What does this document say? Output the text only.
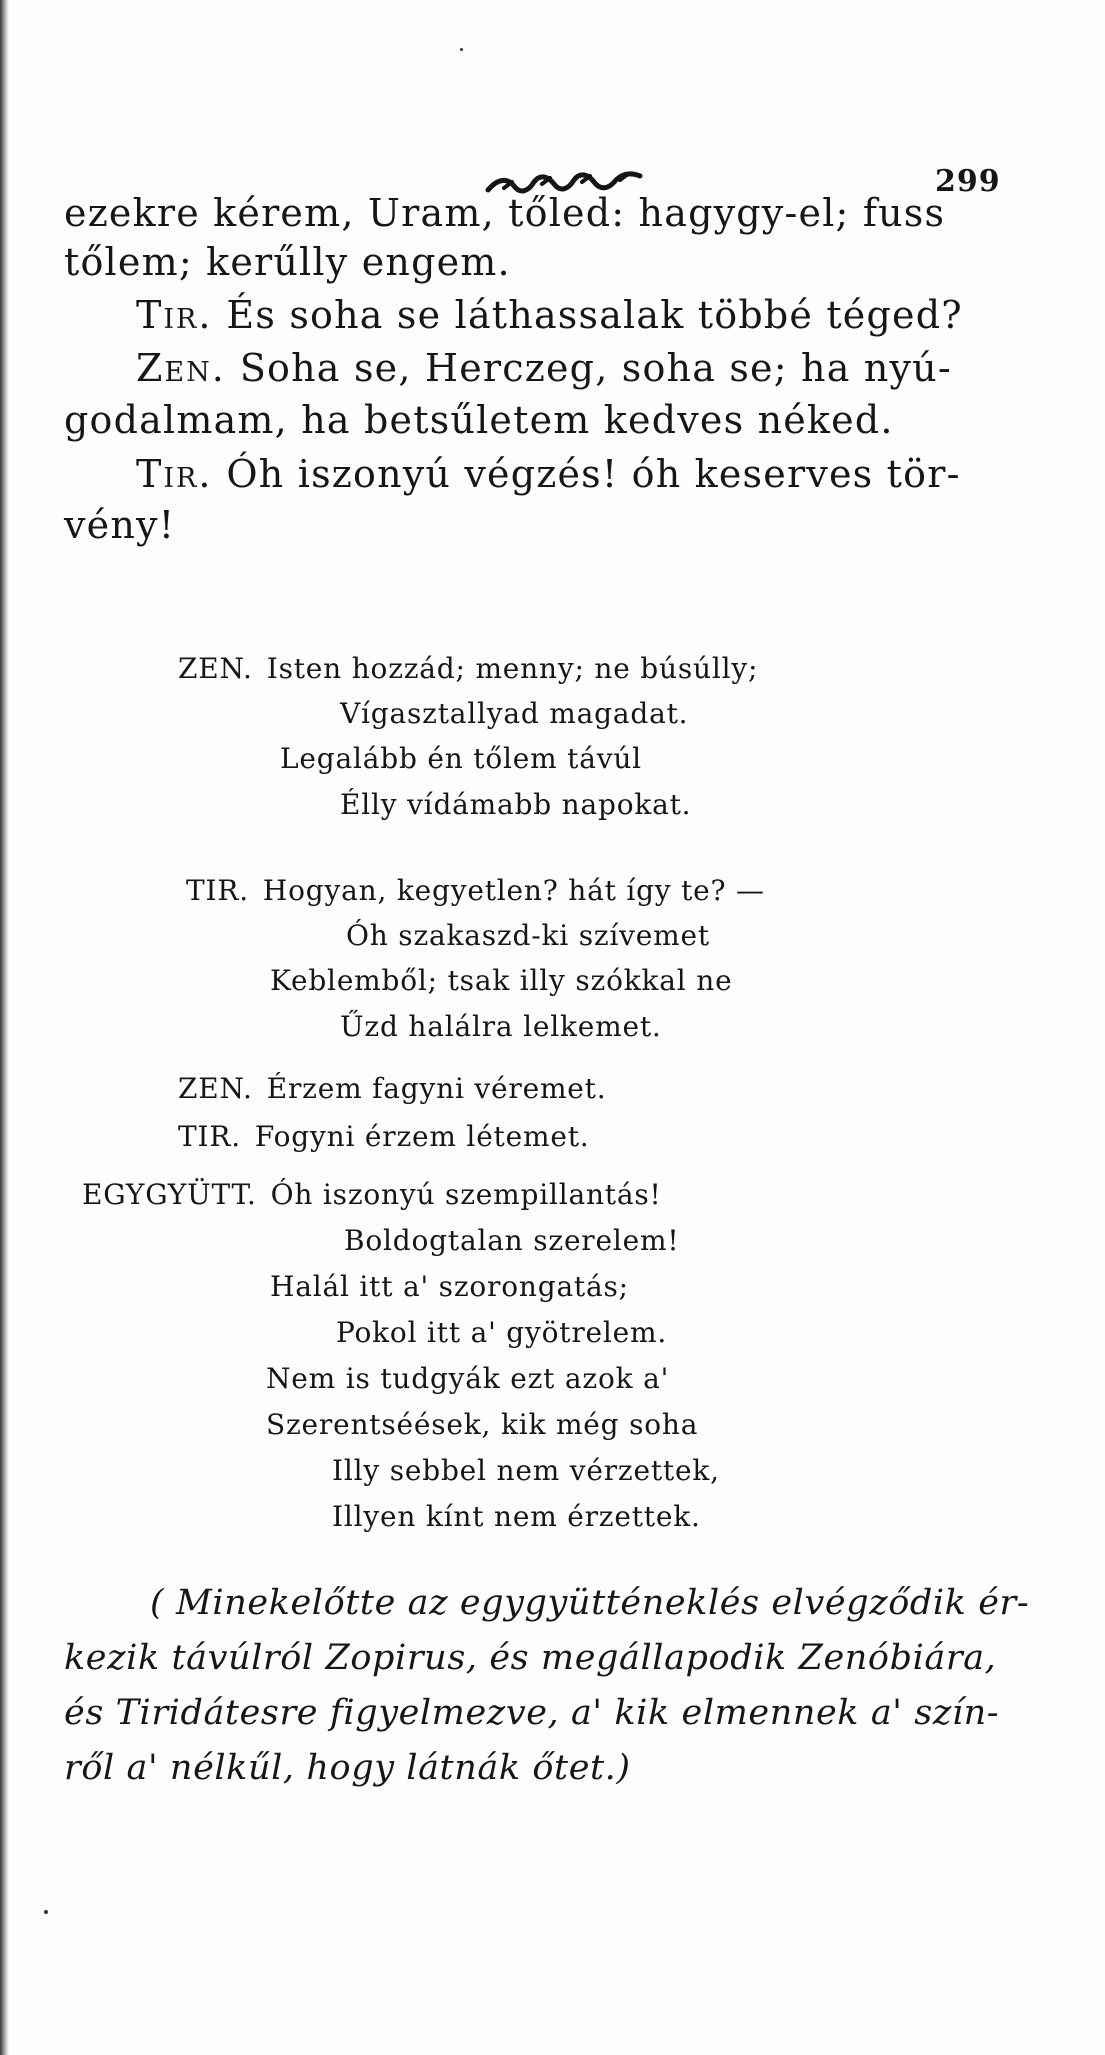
299
ezekre kérem, Uram, tőled: hagygy-el; fuss
tőlem; kerűlly engem.
Tir. És soha se láthassalak többé téged?
Zen. Soha se, Herczeg, soha se; ha nyú-
godalmam, ha betsűletem kedves néked.
Tir. Óh iszonyú végzés! óh keserves tör-
vény!
ZEN. Isten hozzád; menny; ne búsúlly;
Vígasztallyad magadat.
Legalább én tőlem távúl
Élly vídámabb napokat.
TIR. Hogyan, kegyetlen? hát így te? —
Óh szakaszd-ki szívemet
Keblemből; tsak illy szókkal ne
Űzd halálra lelkemet.
ZEN. Érzem fagyni véremet.
TIR. Fogyni érzem létemet.
EGYGYÜTT. Óh iszonyú szempillantás!
Boldogtalan szerelem!
Halál itt a' szorongatás;
Pokol itt a' gyötrelem.
Nem is tudgyák ezt azok a'
Szerentséések, kik még soha
Illy sebbel nem vérzettek,
Illyen kínt nem érzettek.
( Minekelőtte az egygyütténeklés elvégződik ér-
kezik távúlról Zopirus, és megállapodik Zenóbiára,
és Tiridátesre figyelmezve, a' kik elmennek a' szín-
ről a' nélkűl, hogy látnák őtet.)
